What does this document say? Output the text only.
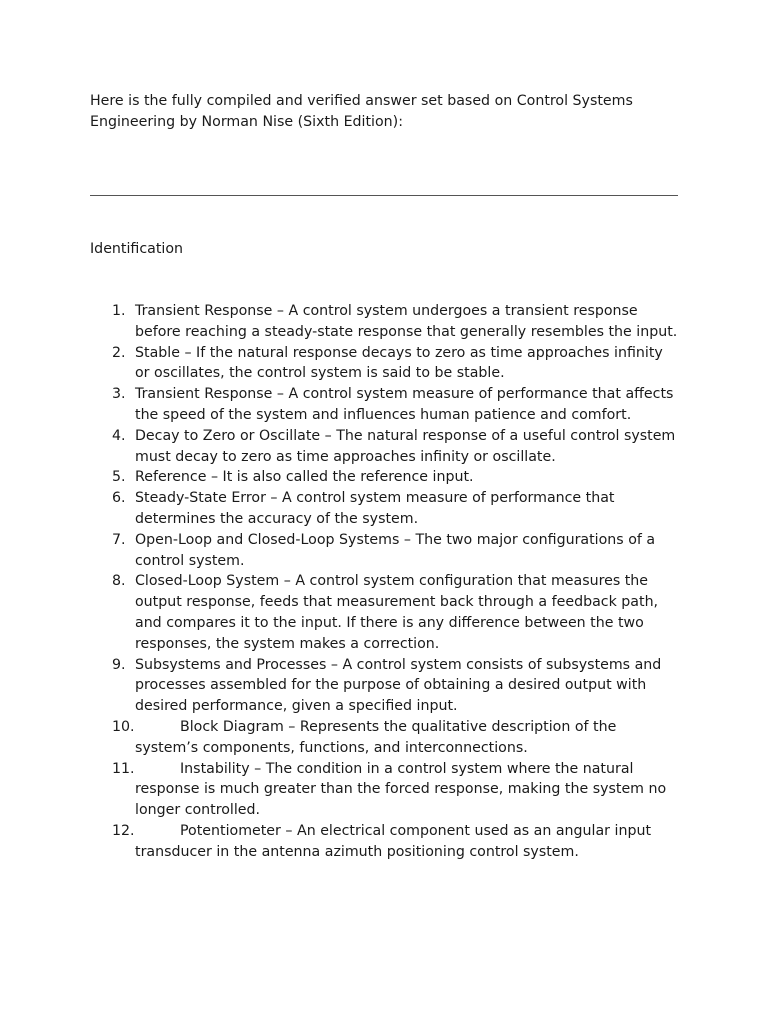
Here is the fully compiled and verified answer set based on Control Systems Engineering by Norman Nise (Sixth Edition):

Identification
1. Transient Response – A control system undergoes a transient response before reaching a steady-state response that generally resembles the input.
2. Stable – If the natural response decays to zero as time approaches infinity or oscillates, the control system is said to be stable.
3. Transient Response – A control system measure of performance that affects the speed of the system and influences human patience and comfort.
4. Decay to Zero or Oscillate – The natural response of a useful control system must decay to zero as time approaches infinity or oscillate.
5. Reference – It is also called the reference input.
6. Steady-State Error – A control system measure of performance that determines the accuracy of the system.
7. Open-Loop and Closed-Loop Systems – The two major configurations of a control system.
8. Closed-Loop System – A control system configuration that measures the output response, feeds that measurement back through a feedback path, and compares it to the input. If there is any difference between the two responses, the system makes a correction.
9. Subsystems and Processes – A control system consists of subsystems and processes assembled for the purpose of obtaining a desired output with desired performance, given a specified input.
10.	Block Diagram – Represents the qualitative description of the system’s components, functions, and interconnections.
11.	Instability – The condition in a control system where the natural response is much greater than the forced response, making the system no longer controlled.
12.	Potentiometer – An electrical component used as an angular input transducer in the antenna azimuth positioning control system.
